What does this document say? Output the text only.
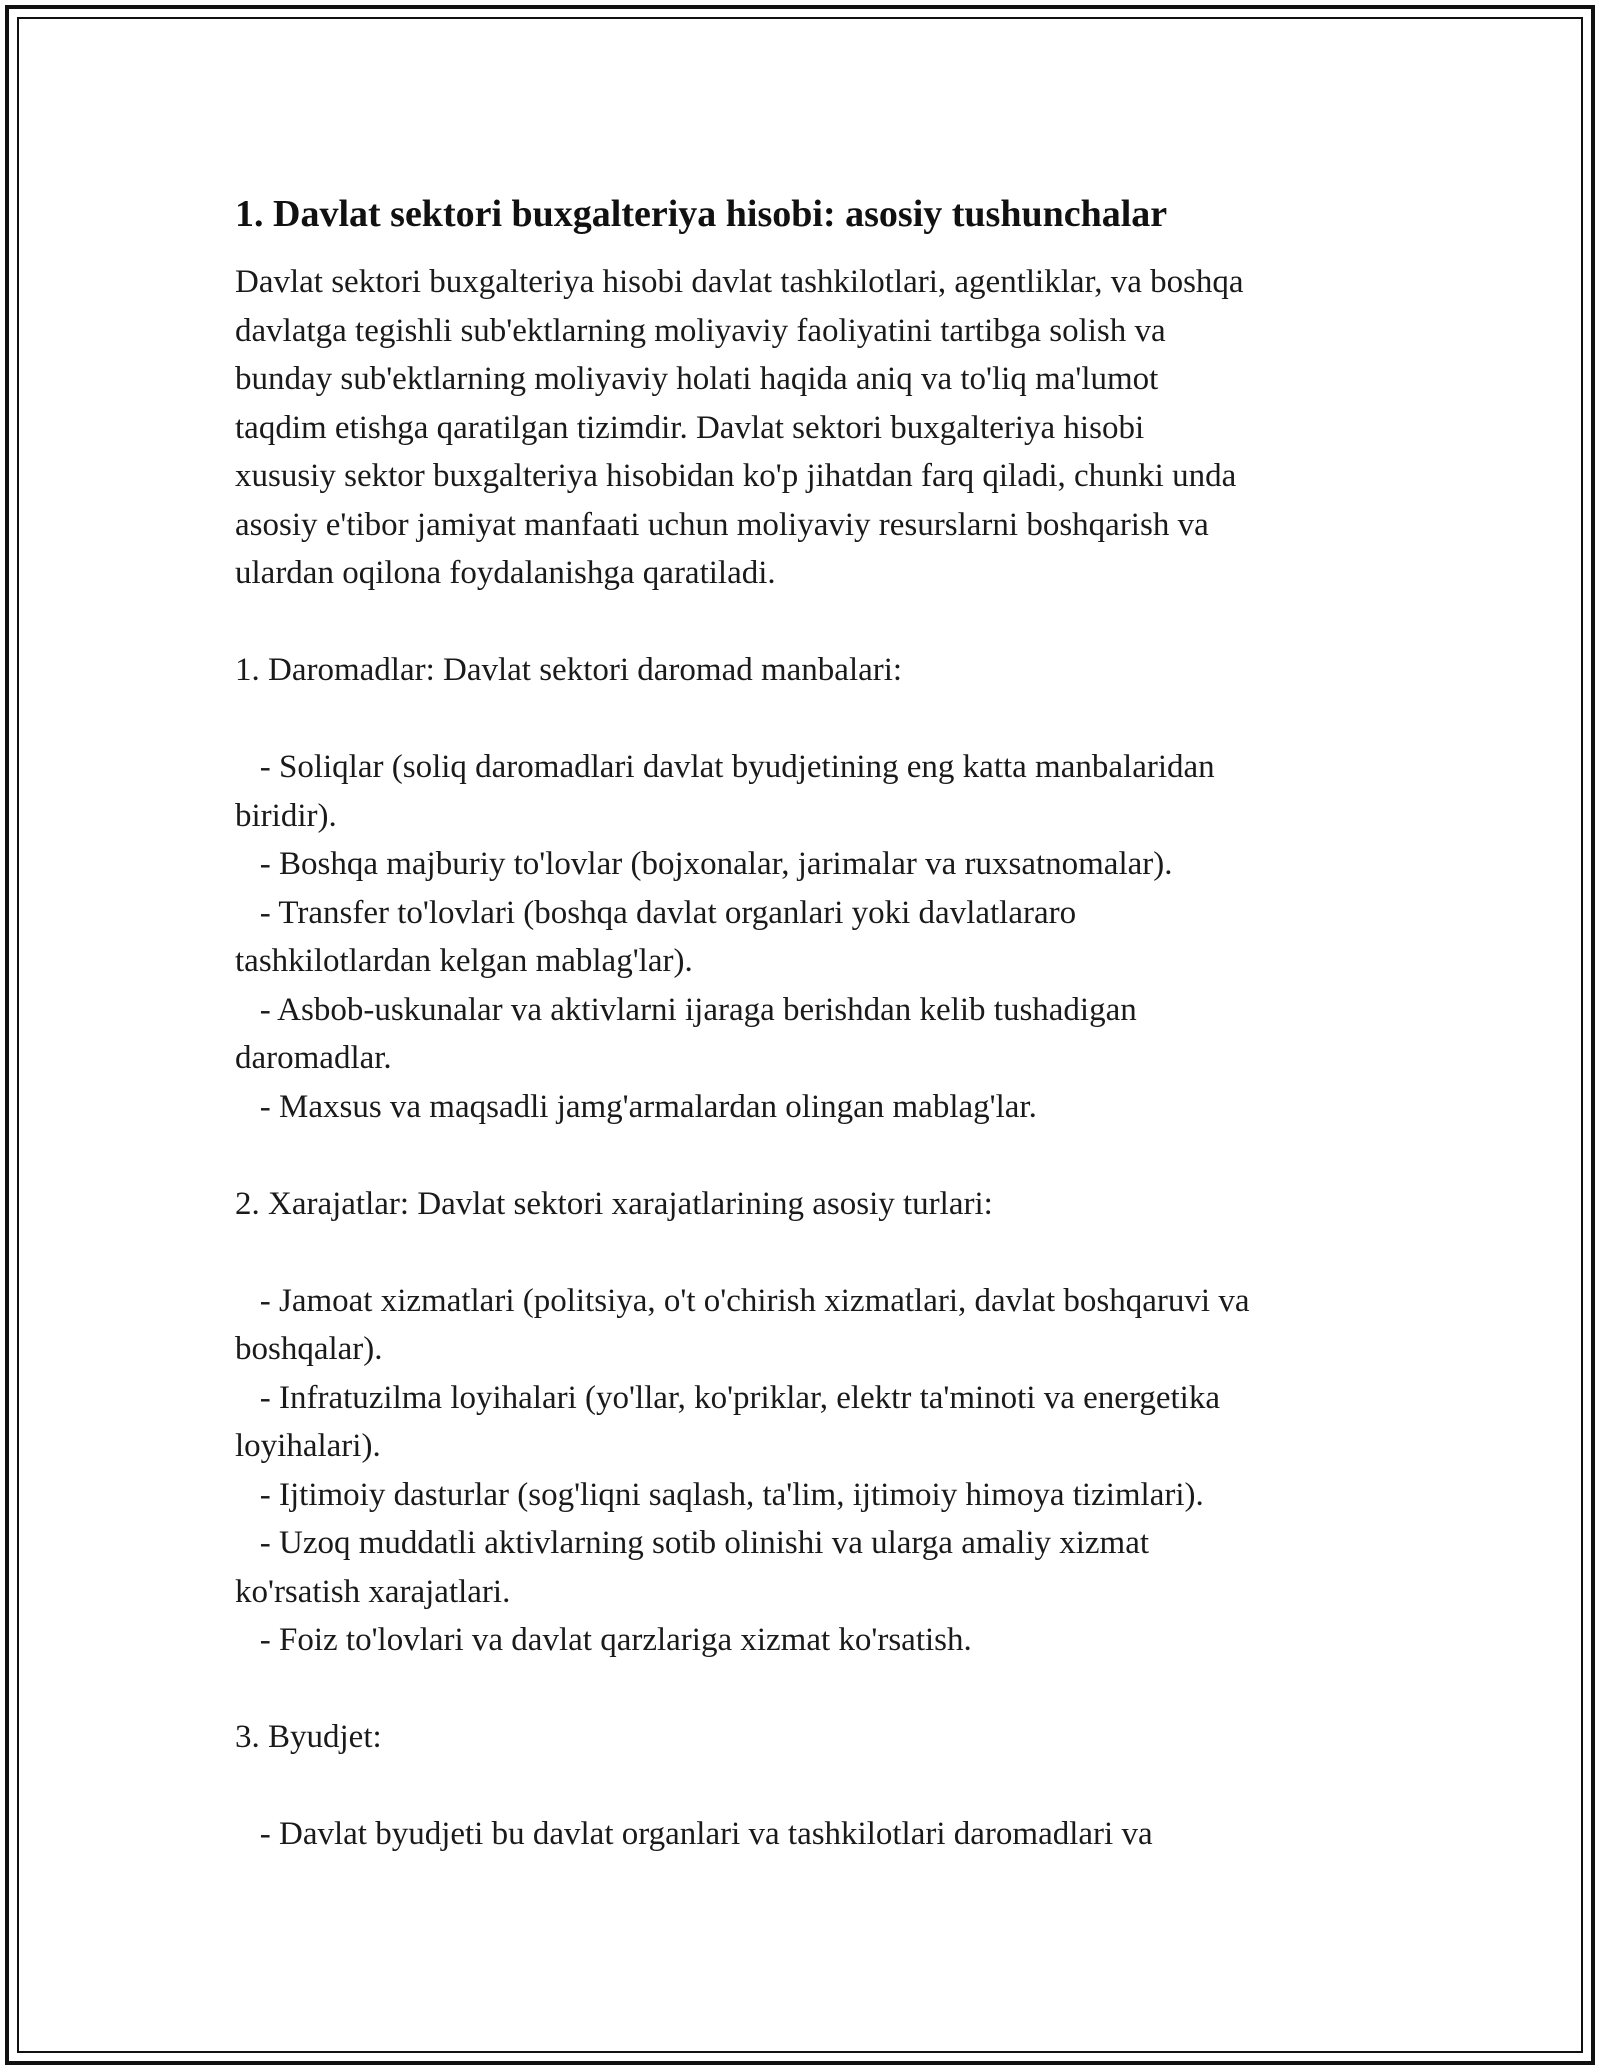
1. Davlat sektori buxgalteriya hisobi: asosiy tushunchalar
Davlat sektori buxgalteriya hisobi davlat tashkilotlari, agentliklar, va boshqa
davlatga tegishli sub'ektlarning moliyaviy faoliyatini tartibga solish va
bunday sub'ektlarning moliyaviy holati haqida aniq va to'liq ma'lumot
taqdim etishga qaratilgan tizimdir. Davlat sektori buxgalteriya hisobi
xususiy sektor buxgalteriya hisobidan ko'p jihatdan farq qiladi, chunki unda
asosiy e'tibor jamiyat manfaati uchun moliyaviy resurslarni boshqarish va
ulardan oqilona foydalanishga qaratiladi.
1. Daromadlar: Davlat sektori daromad manbalari:
- Soliqlar (soliq daromadlari davlat byudjetining eng katta manbalaridan
biridir).
- Boshqa majburiy to'lovlar (bojxonalar, jarimalar va ruxsatnomalar).
- Transfer to'lovlari (boshqa davlat organlari yoki davlatlararo
tashkilotlardan kelgan mablag'lar).
- Asbob-uskunalar va aktivlarni ijaraga berishdan kelib tushadigan
daromadlar.
- Maxsus va maqsadli jamg'armalardan olingan mablag'lar.
2. Xarajatlar: Davlat sektori xarajatlarining asosiy turlari:
- Jamoat xizmatlari (politsiya, o't o'chirish xizmatlari, davlat boshqaruvi va
boshqalar).
- Infratuzilma loyihalari (yo'llar, ko'priklar, elektr ta'minoti va energetika
loyihalari).
- Ijtimoiy dasturlar (sog'liqni saqlash, ta'lim, ijtimoiy himoya tizimlari).
- Uzoq muddatli aktivlarning sotib olinishi va ularga amaliy xizmat
ko'rsatish xarajatlari.
- Foiz to'lovlari va davlat qarzlariga xizmat ko'rsatish.
3. Byudjet:
- Davlat byudjeti bu davlat organlari va tashkilotlari daromadlari va
